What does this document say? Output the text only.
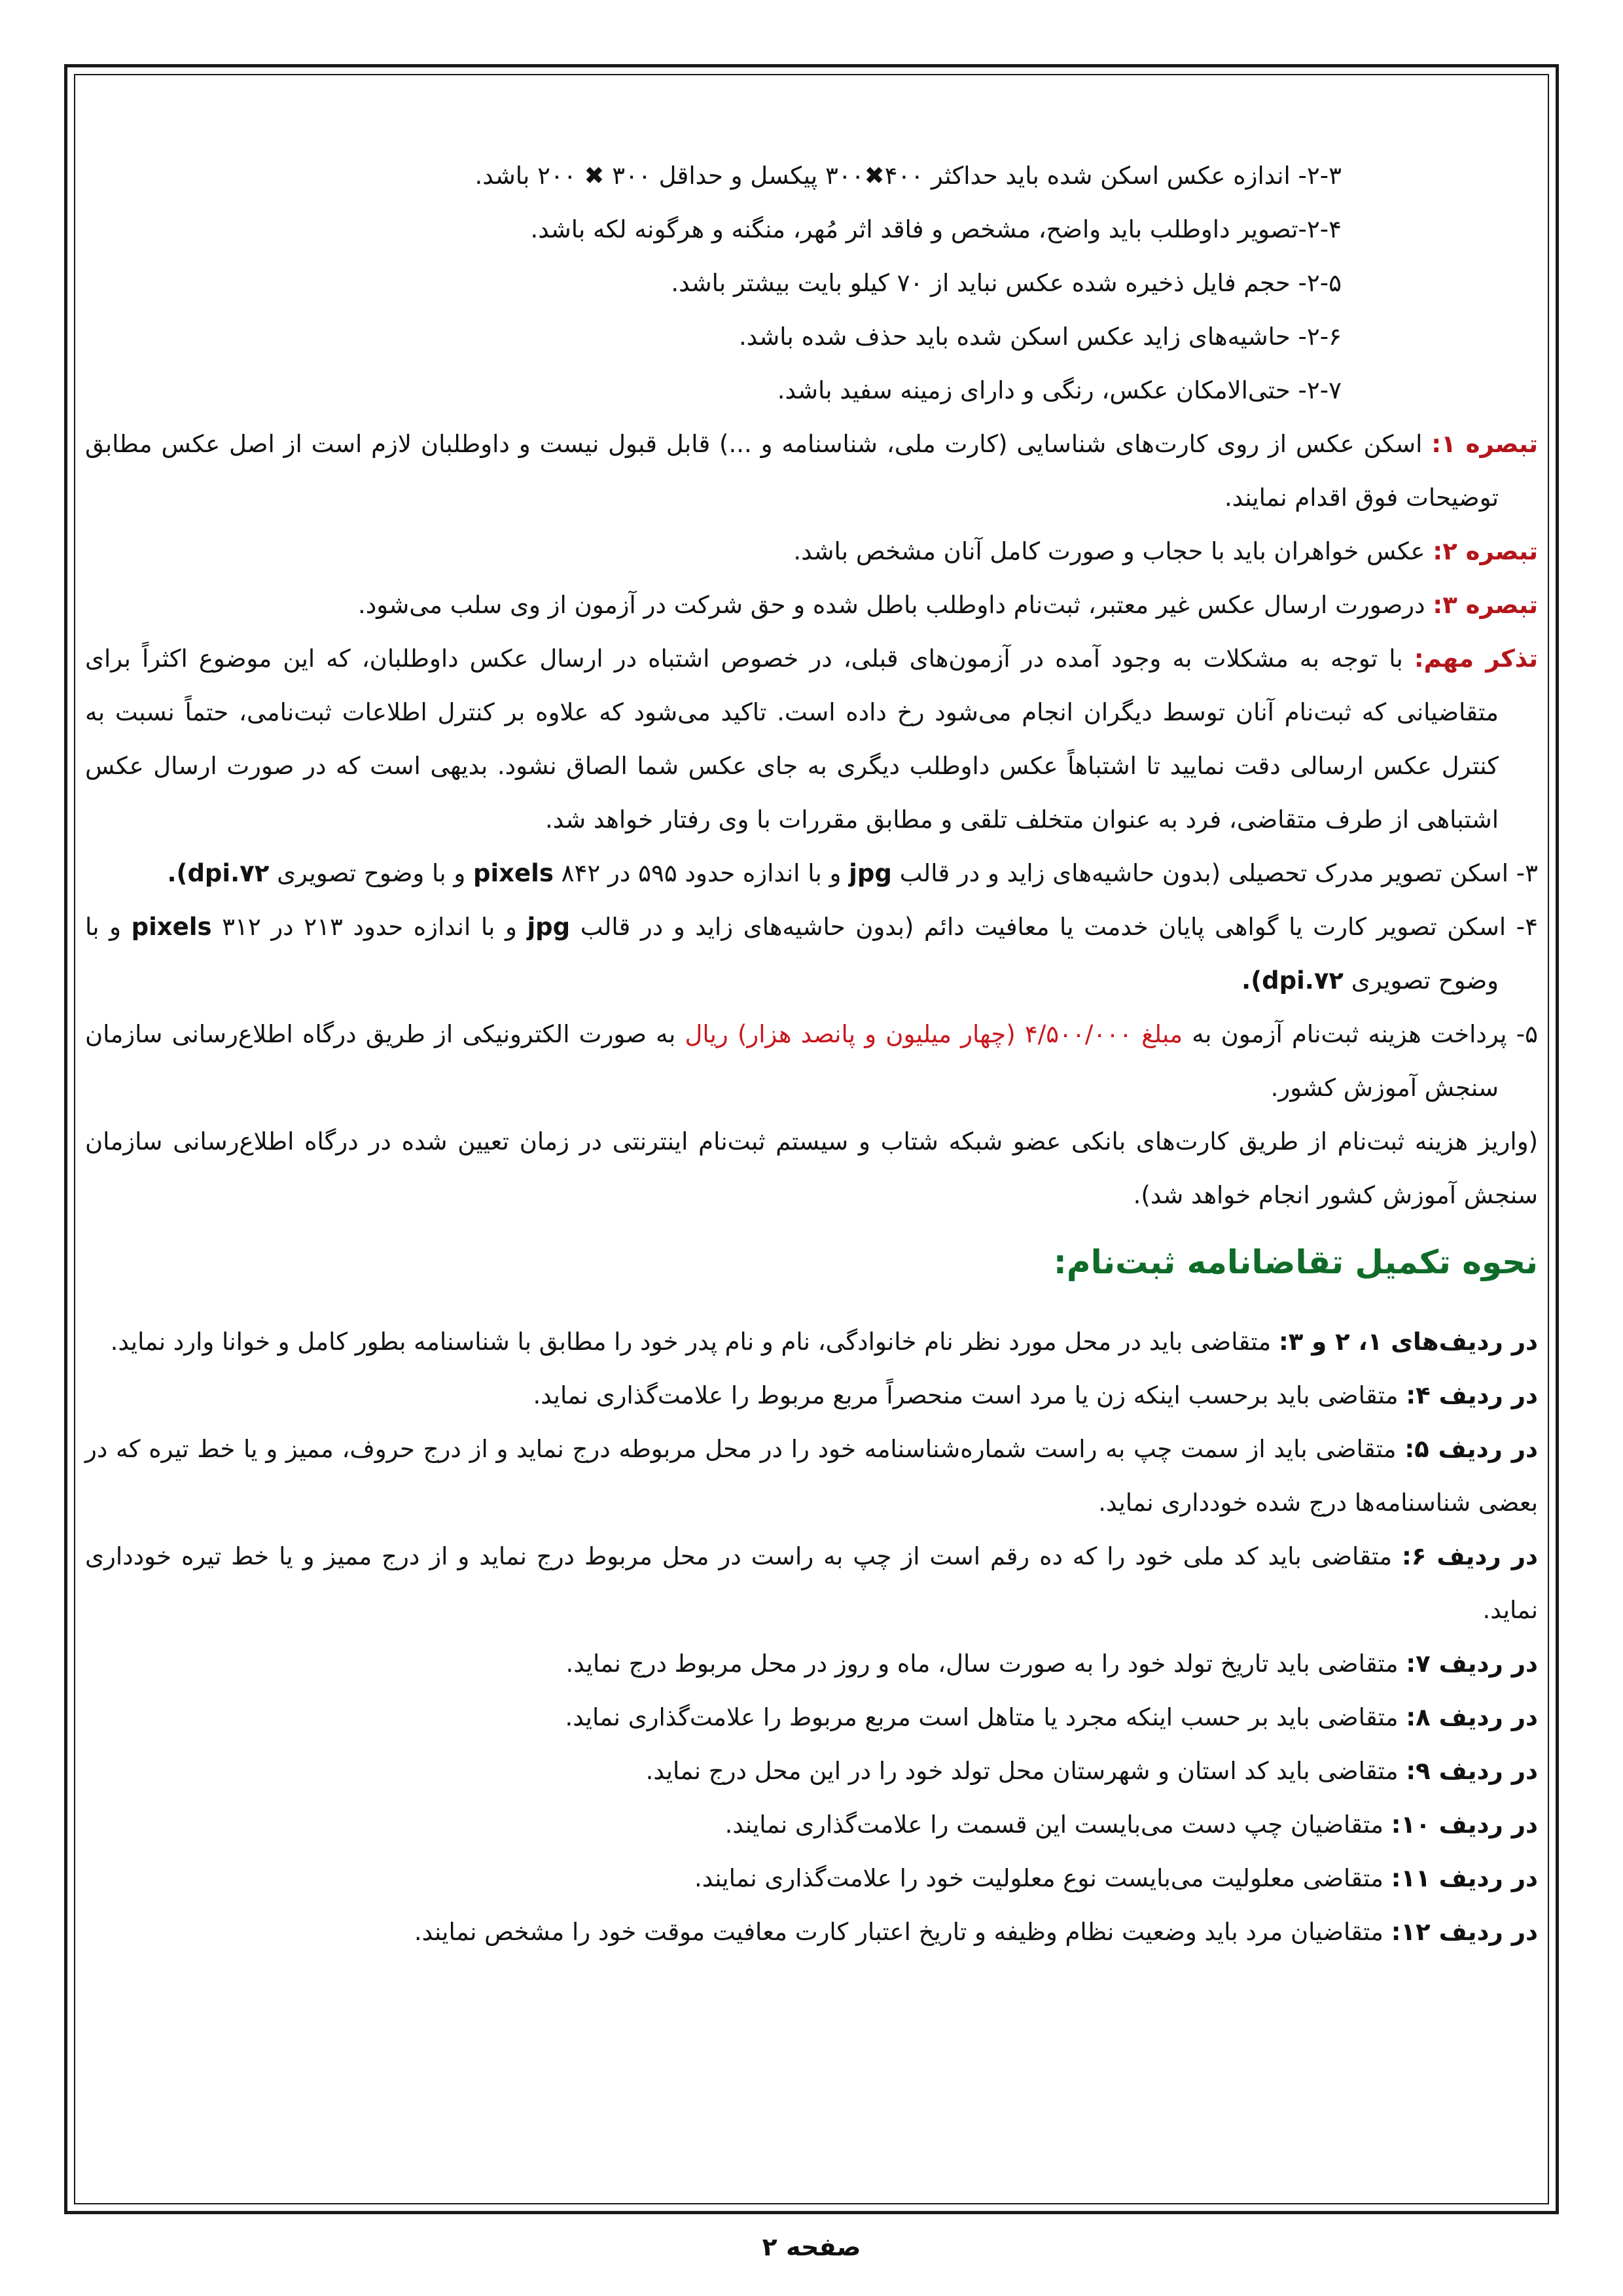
۲-۳- اندازه عکس اسکن شده باید حداکثر ۴۰۰✖۳۰۰ پیکسل و حداقل ۳۰۰ ✖ ۲۰۰ باشد.

۲-۴-تصویر داوطلب باید واضح، مشخص و فاقد اثر مُهر، منگنه و هرگونه لکه باشد.

۲-۵- حجم فایل ذخیره شده عکس نباید از ۷۰ کیلو بایت بیشتر باشد.

۲-۶- حاشیه‌های زاید عکس اسکن شده باید حذف شده باشد.

۲-۷- حتی‌الامکان عکس، رنگی و دارای زمینه سفید باشد.

تبصره ۱: اسکن عکس از روی کارت‌های شناسایی (کارت ملی، شناسنامه و ...) قابل قبول نیست و داوطلبان لازم است از اصل عکس مطابق توضیحات فوق اقدام نمایند.

تبصره ۲: عکس خواهران باید با حجاب و صورت کامل آنان مشخص باشد.

تبصره ۳: درصورت ارسال عکس غیر معتبر، ثبت‌نام داوطلب باطل شده و حق شرکت در آزمون از وی سلب می‌شود.

تذکر مهم: با توجه به مشکلات به وجود آمده در آزمون‌های قبلی، در خصوص اشتباه در ارسال عکس داوطلبان، که این موضوع اکثراً برای متقاضیانی که ثبت‌نام آنان توسط دیگران انجام می‌شود رخ داده است. تاکید می‌شود که علاوه بر کنترل اطلاعات ثبت‌نامی، حتماً نسبت به کنترل عکس ارسالی دقت نمایید تا اشتباهاً عکس داوطلب دیگری به جای عکس شما الصاق نشود. بدیهی است که در صورت ارسال عکس اشتباهی از طرف متقاضی، فرد به عنوان متخلف تلقی و مطابق مقررات با وی رفتار خواهد شد.

۳- اسکن تصویر مدرک تحصیلی (بدون حاشیه‌های زاید و در قالب jpg و با اندازه حدود ۵۹۵ در ۸۴۲ pixels و با وضوح تصویری dpi.۷۲).

۴- اسکن تصویر کارت یا گواهی پایان خدمت یا معافیت دائم (بدون حاشیه‌های زاید و در قالب jpg و با اندازه حدود ۲۱۳ در ۳۱۲ pixels و با وضوح تصویری dpi.۷۲).

۵- پرداخت هزینه ثبت‌نام آزمون به مبلغ ۴/۵۰۰/۰۰۰ (چهار میلیون و پانصد هزار) ریال به صورت الکترونیکی از طریق درگاه اطلاع‌رسانی سازمان سنجش آموزش کشور.

(واریز هزینه ثبت‌نام از طریق کارت‌های بانکی عضو شبکه شتاب و سیستم ثبت‌نام اینترنتی در زمان تعیین شده در درگاه اطلاع‌رسانی سازمان سنجش آموزش کشور انجام خواهد شد).

نحوه تکمیل تقاضانامه ثبت‌نام:

در ردیف‌های ۱، ۲ و ۳: متقاضی باید در محل مورد نظر نام خانوادگی، نام و نام پدر خود را مطابق با شناسنامه بطور کامل و خوانا وارد نماید.

در ردیف ۴: متقاضی باید برحسب اینکه زن یا مرد است منحصراً مربع مربوط را علامت‌گذاری نماید.

در ردیف ۵: متقاضی باید از سمت چپ به راست شماره‌شناسنامه خود را در محل مربوطه درج نماید و از درج حروف، ممیز و یا خط تیره که در بعضی شناسنامه‌ها درج شده خودداری نماید.

در ردیف ۶: متقاضی باید کد ملی خود را که ده رقم است از چپ به راست در محل مربوط درج نماید و از درج ممیز و یا خط تیره خودداری نماید.

در ردیف ۷: متقاضی باید تاریخ تولد خود را به صورت سال، ماه و روز در محل مربوط درج نماید.

در ردیف ۸: متقاضی باید بر حسب اینکه مجرد یا متاهل است مربع مربوط را علامت‌گذاری نماید.

در ردیف ۹: متقاضی باید کد استان و شهرستان محل تولد خود را در این محل درج نماید.

در ردیف ۱۰: متقاضیان چپ دست می‌بایست این قسمت را علامت‌گذاری نمایند.

در ردیف ۱۱: متقاضی معلولیت می‌بایست نوع معلولیت خود را علامت‌گذاری نمایند.

در ردیف ۱۲: متقاضیان مرد باید وضعیت نظام وظیفه و تاریخ اعتبار کارت معافیت موقت خود را مشخص نمایند.

صفحه ۲
